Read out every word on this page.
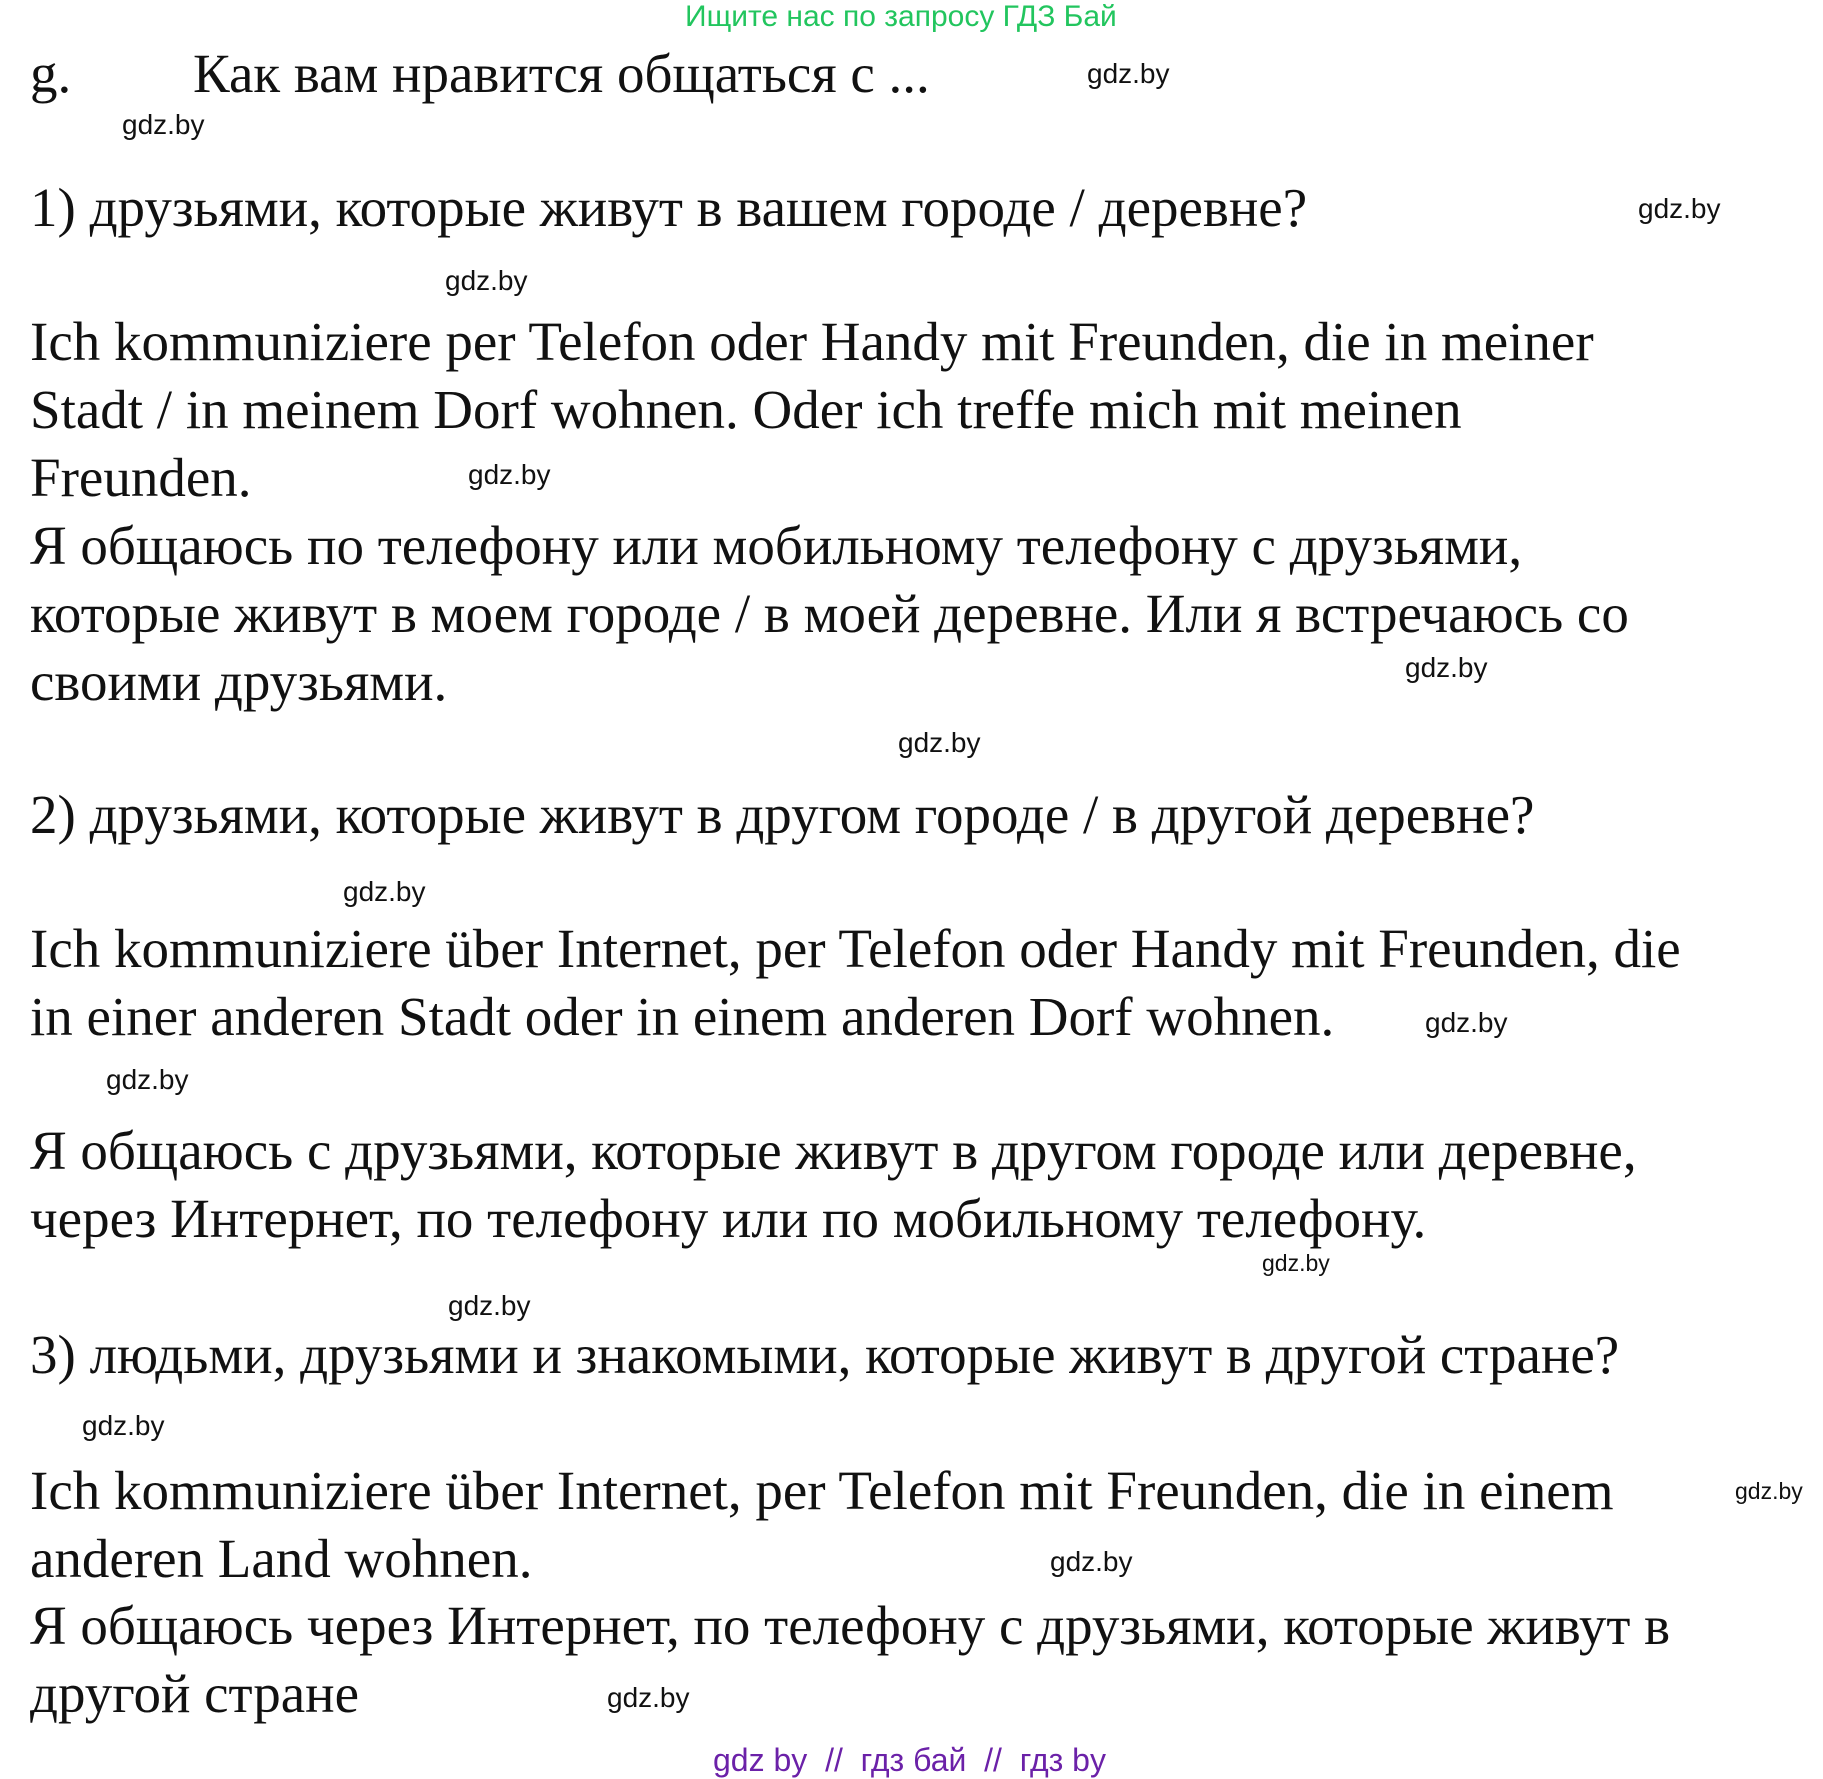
Ищите нас по запросу ГДЗ Бай
g. Как вам нравится общаться с ...
1) друзьями, которые живут в вашем городе / деревне?
Ich kommuniziere per Telefon oder Handy mit Freunden, die in meiner
Stadt / in meinem Dorf wohnen. Oder ich treffe mich mit meinen
Freunden.
Я общаюсь по телефону или мобильному телефону с друзьями,
которые живут в моем городе / в моей деревне. Или я встречаюсь со
своими друзьями.
2) друзьями, которые живут в другом городе / в другой деревне?
Ich kommuniziere über Internet, per Telefon oder Handy mit Freunden, die
in einer anderen Stadt oder in einem anderen Dorf wohnen.
Я общаюсь с друзьями, которые живут в другом городе или деревне,
через Интернет, по телефону или по мобильному телефону.
3) людьми, друзьями и знакомыми, которые живут в другой стране?
Ich kommuniziere über Internet, per Telefon mit Freunden, die in einem
anderen Land wohnen.
Я общаюсь через Интернет, по телефону с друзьями, которые живут в
другой стране
gdz.by
gdz.by
gdz.by
gdz.by
gdz.by
gdz.by
gdz.by
gdz.by
gdz.by
gdz.by
gdz.by
gdz.by
gdz.by
gdz.by
gdz.by
gdz.by
gdz by  //  гдз бай  //  гдз by
